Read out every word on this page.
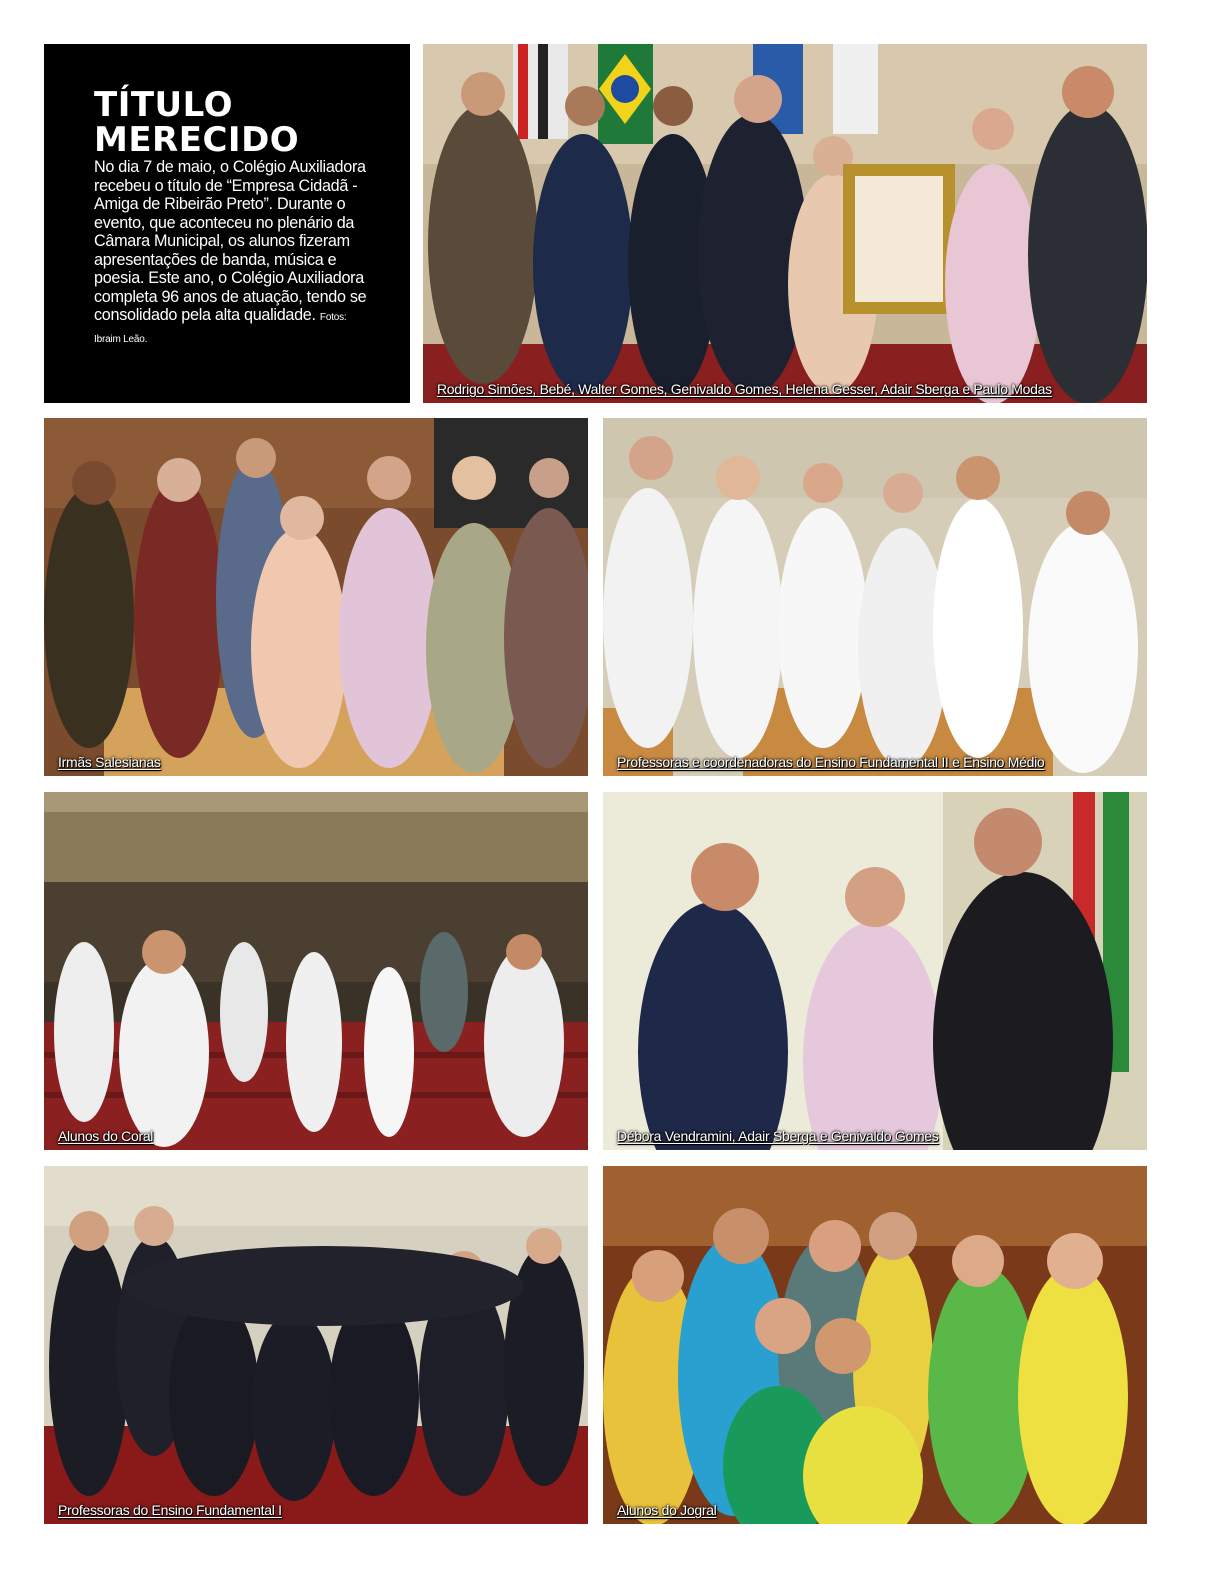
TÍTULO
MERECIDO

No dia 7 de maio, o Colégio Auxiliadora recebeu o título de “Empresa Cidadã - Amiga de Ribeirão Preto”. Durante o evento, que aconteceu no plenário da Câmara Municipal, os alunos fizeram apresentações de banda, música e poesia. Este ano, o Colégio Auxiliadora completa 96 anos de atuação, tendo se consolidado pela alta qualidade. Fotos: Ibraim Leão.

Rodrigo Simões, Bebé, Walter Gomes, Genivaldo Gomes, Helena Gesser, Adair Sberga e Paulo Modas
Irmãs Salesianas	Professoras e coordenadoras do Ensino Fundamental II e Ensino Médio
Alunos do Coral	Débora Vendramini, Adair Sberga e Genivaldo Gomes
Professoras do Ensino Fundamental I	Alunos do Jogral
